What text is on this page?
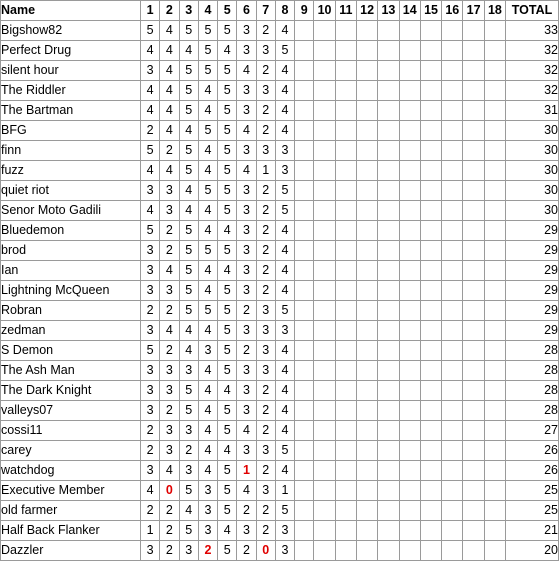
Name	1	2	3	4	5	6	7	8	9	10	11	12	13	14	15	16	17	18	TOTAL
Bigshow82	5	4	5	5	5	3	2	4											33
Perfect Drug	4	4	4	5	4	3	3	5											32
silent hour	3	4	5	5	5	4	2	4											32
The Riddler	4	4	5	4	5	3	3	4											32
The Bartman	4	4	5	4	5	3	2	4											31
BFG	2	4	4	5	5	4	2	4											30
finn	5	2	5	4	5	3	3	3											30
fuzz	4	4	5	4	5	4	1	3											30
quiet riot	3	3	4	5	5	3	2	5											30
Senor Moto Gadili	4	3	4	4	5	3	2	5											30
Bluedemon	5	2	5	4	4	3	2	4											29
brod	3	2	5	5	5	3	2	4											29
Ian	3	4	5	4	4	3	2	4											29
Lightning McQueen	3	3	5	4	5	3	2	4											29
Robran	2	2	5	5	5	2	3	5											29
zedman	3	4	4	4	5	3	3	3											29
S Demon	5	2	4	3	5	2	3	4											28
The Ash Man	3	3	3	4	5	3	3	4											28
The Dark Knight	3	3	5	4	4	3	2	4											28
valleys07	3	2	5	4	5	3	2	4											28
cossi11	2	3	3	4	5	4	2	4											27
carey	2	3	2	4	4	3	3	5											26
watchdog	3	4	3	4	5	1	2	4											26
Executive Member	4	0	5	3	5	4	3	1											25
old farmer	2	2	4	3	5	2	2	5											25
Half Back Flanker	1	2	5	3	4	3	2	3											21
Dazzler	3	2	3	2	5	2	0	3											20
